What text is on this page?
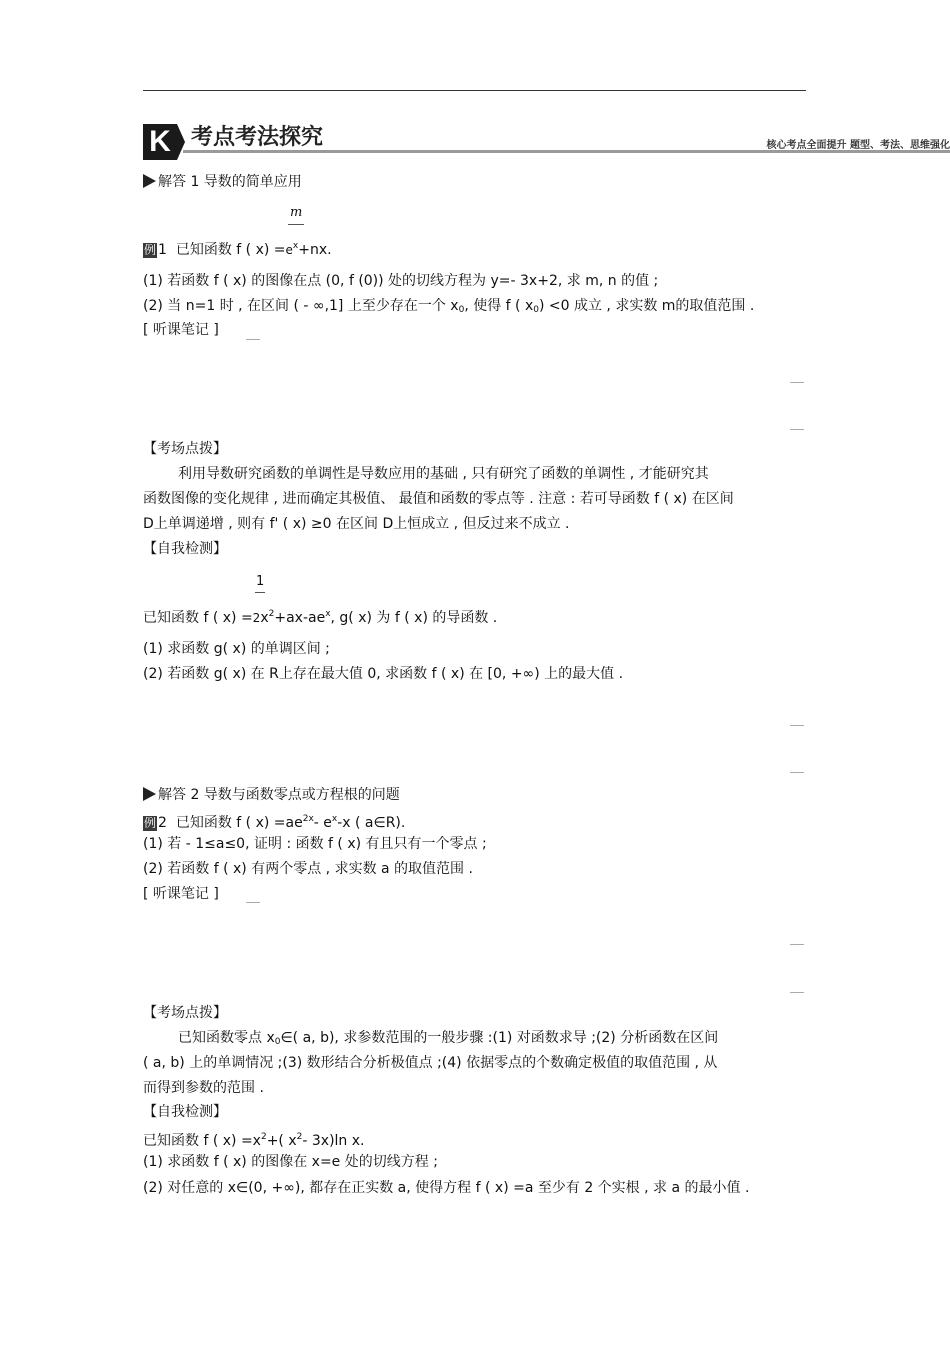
K 考点考法探究	核心考点全面提升 题型、考法、思维强化
解答 1 导数的简单应用
m
例 1 已知函数 f ( $x) =e^x+nx$.
(1) 若函数 f ( x) 的图像在点 (0, f (0)) 处的切线方程为 y=- 3x+2, 求 m, n 的值 ;
(2) 当 n=1 时 , 在区间 ( - ∞,1] 上至少存在一个 $x_0$, 使得 f ( $x_0) <0$ 成立 , 求实数 m的取值范围 .
[ 听课笔记 ]
【考场点拨】
利用导数研究函数的单调性是导数应用的基础 , 只有研究了函数的单调性 , 才能研究其
函数图像的变化规律 , 进而确定其极值、 最值和函数的零点等 . 注意 : 若可导函数 f ( x) 在区间
D上单调递增 , 则有 f' ( x) ≥0 在区间 D上恒成立 , 但反过来不成立 .
【自我检测】
1
已知函数 f ( $x) =2x^2+ax-ae^x$, g( x) 为 f ( x) 的导函数 .
(1) 求函数 g( x) 的单调区间 ;
(2) 若函数 g( x) 在 R上存在最大值 0, 求函数 f ( x) 在 [0, +∞) 上的最大值 .
解答 2 导数与函数零点或方程根的问题
例 2 已知函数 f ( $x) =ae^{2x}-$ $e^x-x$ ( a∈R).
(1) 若 - 1≤a≤0, 证明 : 函数 f ( x) 有且只有一个零点 ;
(2) 若函数 f ( x) 有两个零点 , 求实数 a 的取值范围 .
[ 听课笔记 ]
【考场点拨】
已知函数零点 $x_0\in$( a, b), 求参数范围的一般步骤 :(1) 对函数求导 ;(2) 分析函数在区间
( a, b) 上的单调情况 ;(3) 数形结合分析极值点 ;(4) 依据零点的个数确定极值的取值范围 , 从
而得到参数的范围 .
【自我检测】
已知函数 f ( $x) =x^2+$( $x^2-$ 3x)ln x.
(1) 求函数 f ( x) 的图像在 x=e 处的切线方程 ;
(2) 对任意的 x∈(0, +∞), 都存在正实数 a, 使得方程 f ( x) =a 至少有 2 个实根 , 求 a 的最小值 .
